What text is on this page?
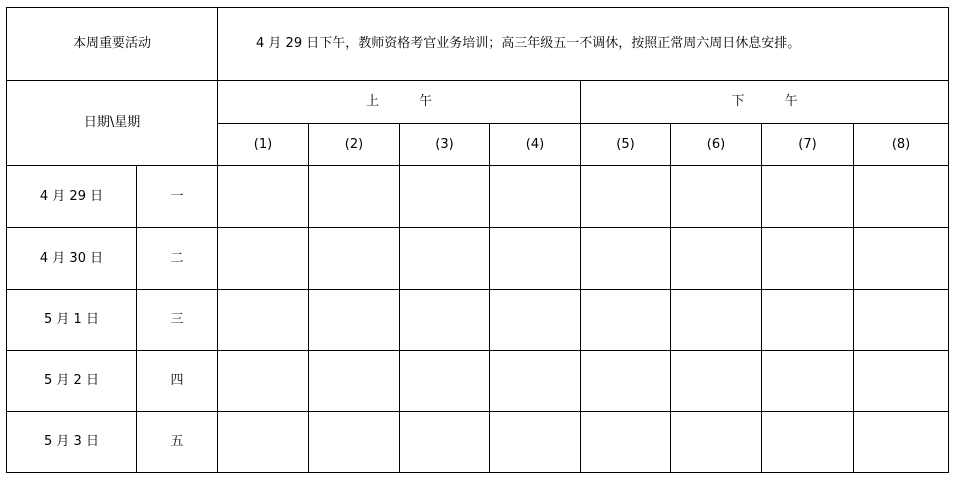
本周重要活动		4 月 29 日下午，教师资格考官业务培训；高三年级五一不调休，按照正常周六周日休息安排。							
日期\星期		上 午				下 午			
		(1)	(2)	(3)	(4)	(5)	(6)	(7)	(8)
4 月 29 日	一								
4 月 30 日	二								
5 月 1 日	三								
5 月 2 日	四								
5 月 3 日	五								
